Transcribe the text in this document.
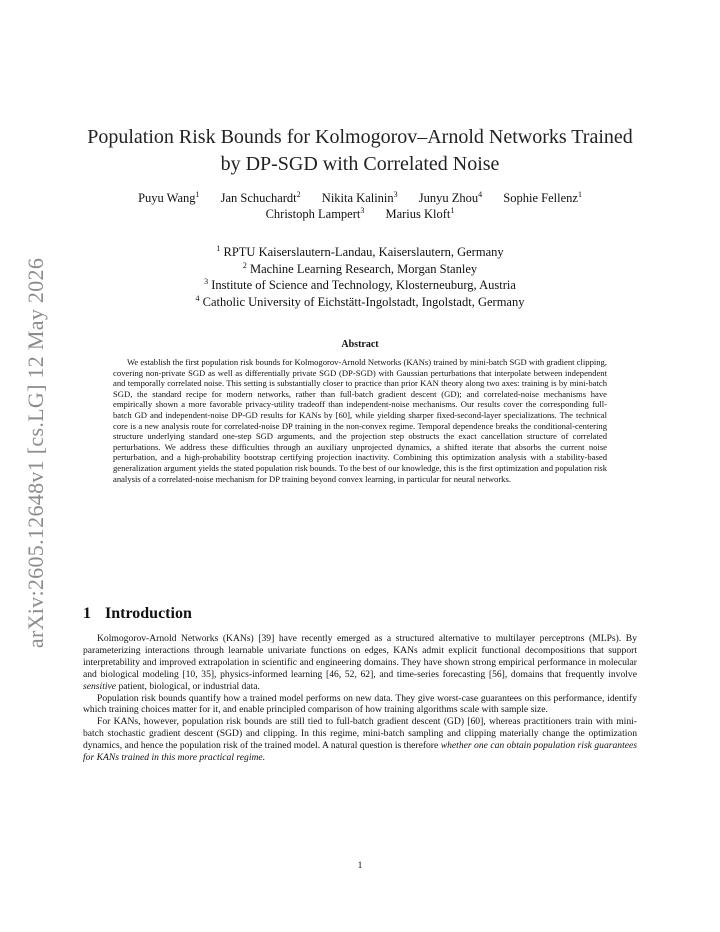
arXiv:2605.12648v1 [cs.LG] 12 May 2026
Population Risk Bounds for Kolmogorov–Arnold Networks Trained
by DP-SGD with Correlated Noise
Puyu Wang$^1$ Jan Schuchardt$^2$ Nikita Kalinin$^3$ Junyu Zhou$^4$ Sophie Fellenz$^1$
Christoph Lampert$^3$ Marius Kloft$^1$
$^1$ RPTU Kaiserslautern-Landau, Kaiserslautern, Germany
$^2$ Machine Learning Research, Morgan Stanley
$^3$ Institute of Science and Technology, Klosterneuburg, Austria
$^4$ Catholic University of Eichstätt-Ingolstadt, Ingolstadt, Germany
Abstract

We establish the first population risk bounds for Kolmogorov-Arnold Networks (KANs) trained by mini-batch SGD with gradient clipping, covering non-private SGD as well as differentially private SGD (DP-SGD) with Gaussian perturbations that interpolate between independent and temporally correlated noise. This setting is substantially closer to practice than prior KAN theory along two axes: training is by mini-batch SGD, the standard recipe for modern networks, rather than full-batch gradient descent (GD); and correlated-noise mechanisms have empirically shown a more favorable privacy-utility tradeoff than independent-noise mechanisms. Our results cover the corresponding full-batch GD and independent-noise DP-GD results for KANs by [60], while yielding sharper fixed-second-layer specializations. The technical core is a new analysis route for correlated-noise DP training in the non-convex regime. Temporal dependence breaks the conditional-centering structure underlying standard one-step SGD arguments, and the projection step obstructs the exact cancellation structure of correlated perturbations. We address these difficulties through an auxiliary unprojected dynamics, a shifted iterate that absorbs the current noise perturbation, and a high-probability bootstrap certifying projection inactivity. Combining this optimization analysis with a stability-based generalization argument yields the stated population risk bounds. To the best of our knowledge, this is the first optimization and population risk analysis of a correlated-noise mechanism for DP training beyond convex learning, in particular for neural networks.

1 Introduction

Kolmogorov-Arnold Networks (KANs) [39] have recently emerged as a structured alternative to multilayer perceptrons (MLPs). By parameterizing interactions through learnable univariate functions on edges, KANs admit explicit functional decompositions that support interpretability and improved extrapolation in scientific and engineering domains. They have shown strong empirical performance in molecular and biological modeling [10, 35], physics-informed learning [46, 52, 62], and time-series forecasting [56], domains that frequently involve sensitive patient, biological, or industrial data.

Population risk bounds quantify how a trained model performs on new data. They give worst-case guarantees on this performance, identify which training choices matter for it, and enable principled comparison of how training algorithms scale with sample size.

For KANs, however, population risk bounds are still tied to full-batch gradient descent (GD) [60], whereas practitioners train with mini-batch stochastic gradient descent (SGD) and clipping. In this regime, mini-batch sampling and clipping materially change the optimization dynamics, and hence the population risk of the trained model. A natural question is therefore whether one can obtain population risk guarantees for KANs trained in this more practical regime.

1
